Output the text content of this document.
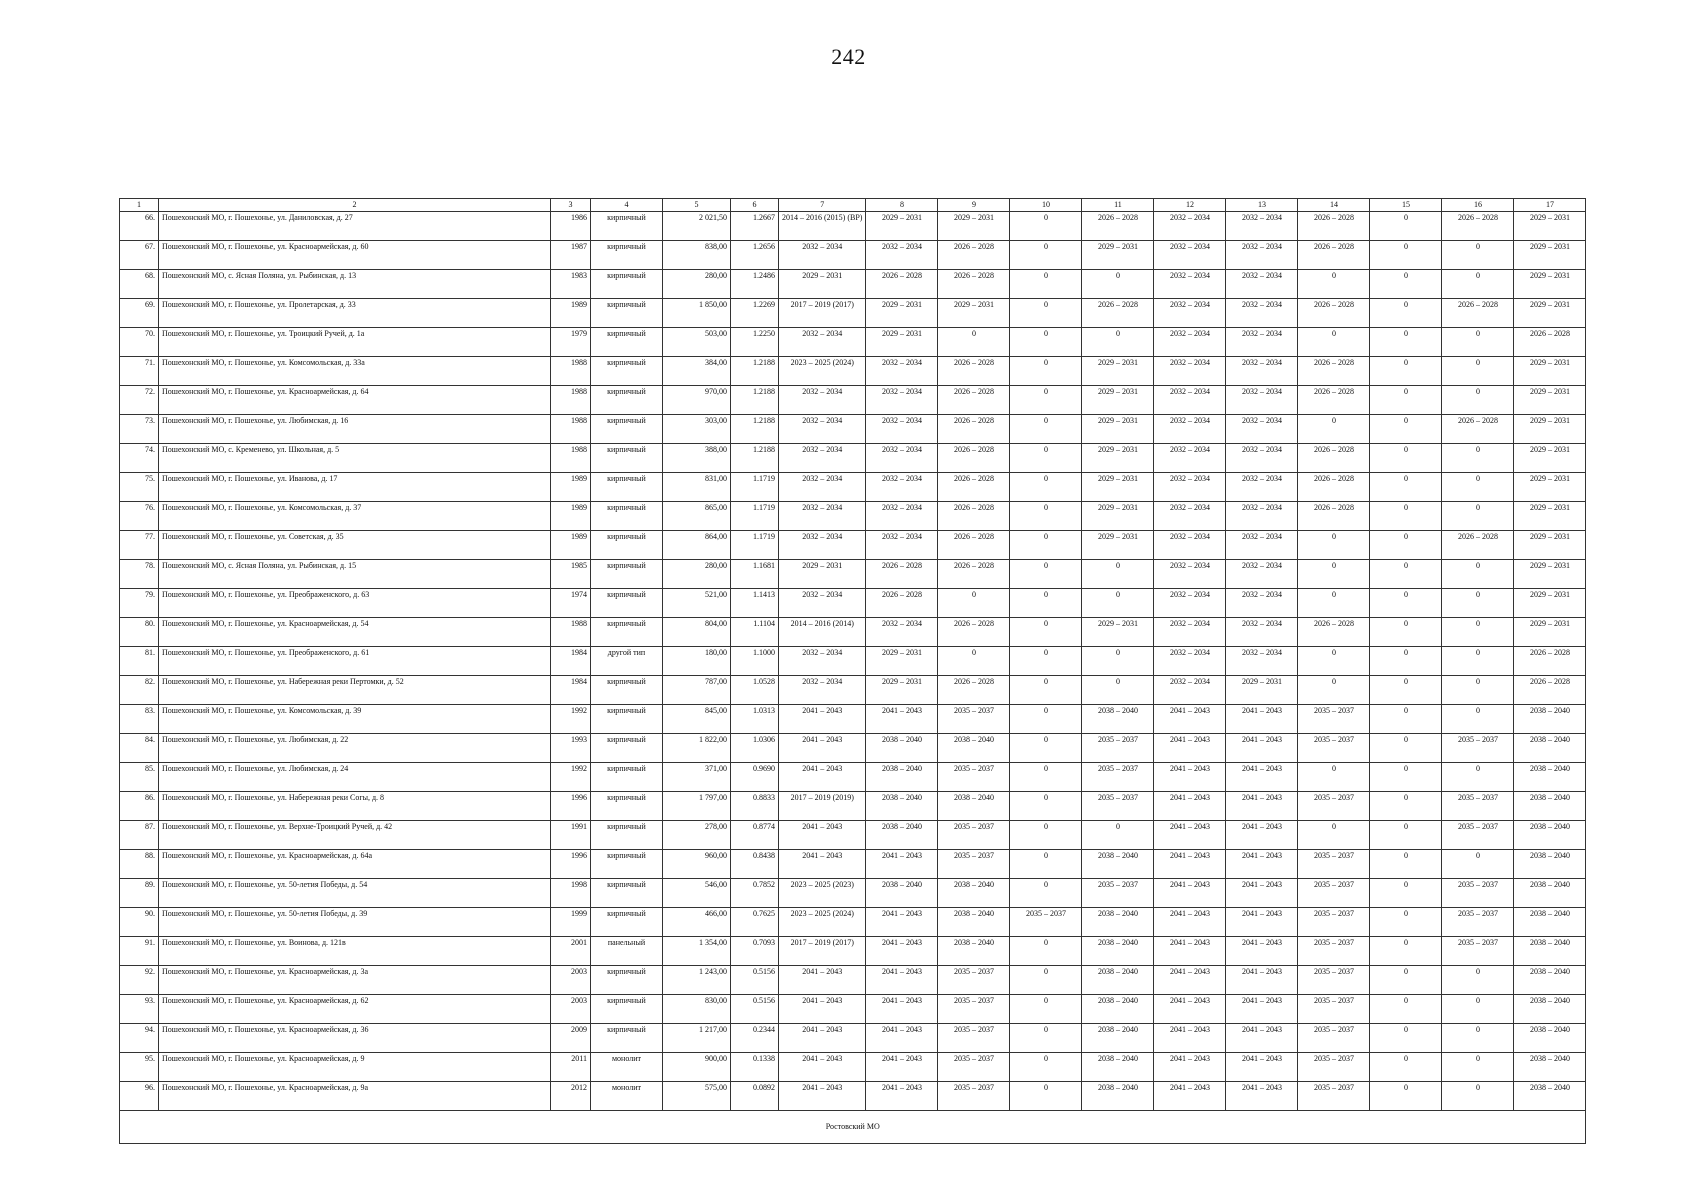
242
1	2	3	4	5	6	7	8	9	10	11	12	13	14	15	16	17
66.	Пошехонский МО, г. Пошехонье, ул. Даниловская, д. 27	1986	кирпичный	2 021,50	1.2667	2014 – 2016 (2015) (ВР)	2029 – 2031	2029 – 2031	0	2026 – 2028	2032 – 2034	2032 – 2034	2026 – 2028	0	2026 – 2028	2029 – 2031
67.	Пошехонский МО, г. Пошехонье, ул. Красноармейская, д. 60	1987	кирпичный	838,00	1.2656	2032 – 2034	2032 – 2034	2026 – 2028	0	2029 – 2031	2032 – 2034	2032 – 2034	2026 – 2028	0	0	2029 – 2031
68.	Пошехонский МО, с. Ясная Поляна, ул. Рыбинская, д. 13	1983	кирпичный	280,00	1.2486	2029 – 2031	2026 – 2028	2026 – 2028	0	0	2032 – 2034	2032 – 2034	0	0	0	2029 – 2031
69.	Пошехонский МО, г. Пошехонье, ул. Пролетарская, д. 33	1989	кирпичный	1 850,00	1.2269	2017 – 2019 (2017)	2029 – 2031	2029 – 2031	0	2026 – 2028	2032 – 2034	2032 – 2034	2026 – 2028	0	2026 – 2028	2029 – 2031
70.	Пошехонский МО, г. Пошехонье, ул. Троицкий Ручей, д. 1а	1979	кирпичный	503,00	1.2250	2032 – 2034	2029 – 2031	0	0	0	2032 – 2034	2032 – 2034	0	0	0	2026 – 2028
71.	Пошехонский МО, г. Пошехонье, ул. Комсомольская, д. 33а	1988	кирпичный	384,00	1.2188	2023 – 2025 (2024)	2032 – 2034	2026 – 2028	0	2029 – 2031	2032 – 2034	2032 – 2034	2026 – 2028	0	0	2029 – 2031
72.	Пошехонский МО, г. Пошехонье, ул. Красноармейская, д. 64	1988	кирпичный	970,00	1.2188	2032 – 2034	2032 – 2034	2026 – 2028	0	2029 – 2031	2032 – 2034	2032 – 2034	2026 – 2028	0	0	2029 – 2031
73.	Пошехонский МО, г. Пошехонье, ул. Любимская, д. 16	1988	кирпичный	303,00	1.2188	2032 – 2034	2032 – 2034	2026 – 2028	0	2029 – 2031	2032 – 2034	2032 – 2034	0	0	2026 – 2028	2029 – 2031
74.	Пошехонский МО, с. Кременево, ул. Школьная, д. 5	1988	кирпичный	388,00	1.2188	2032 – 2034	2032 – 2034	2026 – 2028	0	2029 – 2031	2032 – 2034	2032 – 2034	2026 – 2028	0	0	2029 – 2031
75.	Пошехонский МО, г. Пошехонье, ул. Иванова, д. 17	1989	кирпичный	831,00	1.1719	2032 – 2034	2032 – 2034	2026 – 2028	0	2029 – 2031	2032 – 2034	2032 – 2034	2026 – 2028	0	0	2029 – 2031
76.	Пошехонский МО, г. Пошехонье, ул. Комсомольская, д. 37	1989	кирпичный	865,00	1.1719	2032 – 2034	2032 – 2034	2026 – 2028	0	2029 – 2031	2032 – 2034	2032 – 2034	2026 – 2028	0	0	2029 – 2031
77.	Пошехонский МО, г. Пошехонье, ул. Советская, д. 35	1989	кирпичный	864,00	1.1719	2032 – 2034	2032 – 2034	2026 – 2028	0	2029 – 2031	2032 – 2034	2032 – 2034	0	0	2026 – 2028	2029 – 2031
78.	Пошехонский МО, с. Ясная Поляна, ул. Рыбинская, д. 15	1985	кирпичный	280,00	1.1681	2029 – 2031	2026 – 2028	2026 – 2028	0	0	2032 – 2034	2032 – 2034	0	0	0	2029 – 2031
79.	Пошехонский МО, г. Пошехонье, ул. Преображенского, д. 63	1974	кирпичный	521,00	1.1413	2032 – 2034	2026 – 2028	0	0	0	2032 – 2034	2032 – 2034	0	0	0	2029 – 2031
80.	Пошехонский МО, г. Пошехонье, ул. Красноармейская, д. 54	1988	кирпичный	804,00	1.1104	2014 – 2016 (2014)	2032 – 2034	2026 – 2028	0	2029 – 2031	2032 – 2034	2032 – 2034	2026 – 2028	0	0	2029 – 2031
81.	Пошехонский МО, г. Пошехонье, ул. Преображенского, д. 61	1984	другой тип	180,00	1.1000	2032 – 2034	2029 – 2031	0	0	0	2032 – 2034	2032 – 2034	0	0	0	2026 – 2028
82.	Пошехонский МО, г. Пошехонье, ул. Набережная реки Пертомки, д. 52	1984	кирпичный	787,00	1.0528	2032 – 2034	2029 – 2031	2026 – 2028	0	0	2032 – 2034	2029 – 2031	0	0	0	2026 – 2028
83.	Пошехонский МО, г. Пошехонье, ул. Комсомольская, д. 39	1992	кирпичный	845,00	1.0313	2041 – 2043	2041 – 2043	2035 – 2037	0	2038 – 2040	2041 – 2043	2041 – 2043	2035 – 2037	0	0	2038 – 2040
84.	Пошехонский МО, г. Пошехонье, ул. Любимская, д. 22	1993	кирпичный	1 822,00	1.0306	2041 – 2043	2038 – 2040	2038 – 2040	0	2035 – 2037	2041 – 2043	2041 – 2043	2035 – 2037	0	2035 – 2037	2038 – 2040
85.	Пошехонский МО, г. Пошехонье, ул. Любимская, д. 24	1992	кирпичный	371,00	0.9690	2041 – 2043	2038 – 2040	2035 – 2037	0	2035 – 2037	2041 – 2043	2041 – 2043	0	0	0	2038 – 2040
86.	Пошехонский МО, г. Пошехонье, ул. Набережная реки Согы, д. 8	1996	кирпичный	1 797,00	0.8833	2017 – 2019 (2019)	2038 – 2040	2038 – 2040	0	2035 – 2037	2041 – 2043	2041 – 2043	2035 – 2037	0	2035 – 2037	2038 – 2040
87.	Пошехонский МО, г. Пошехонье, ул. Верхне-Троицкий Ручей, д. 42	1991	кирпичный	278,00	0.8774	2041 – 2043	2038 – 2040	2035 – 2037	0	0	2041 – 2043	2041 – 2043	0	0	2035 – 2037	2038 – 2040
88.	Пошехонский МО, г. Пошехонье, ул. Красноармейская, д. 64а	1996	кирпичный	960,00	0.8438	2041 – 2043	2041 – 2043	2035 – 2037	0	2038 – 2040	2041 – 2043	2041 – 2043	2035 – 2037	0	0	2038 – 2040
89.	Пошехонский МО, г. Пошехонье, ул. 50-летия Победы, д. 54	1998	кирпичный	546,00	0.7852	2023 – 2025 (2023)	2038 – 2040	2038 – 2040	0	2035 – 2037	2041 – 2043	2041 – 2043	2035 – 2037	0	2035 – 2037	2038 – 2040
90.	Пошехонский МО, г. Пошехонье, ул. 50-летия Победы, д. 39	1999	кирпичный	466,00	0.7625	2023 – 2025 (2024)	2041 – 2043	2038 – 2040	2035 – 2037	2038 – 2040	2041 – 2043	2041 – 2043	2035 – 2037	0	2035 – 2037	2038 – 2040
91.	Пошехонский МО, г. Пошехонье, ул. Воинова, д. 121в	2001	панельный	1 354,00	0.7093	2017 – 2019 (2017)	2041 – 2043	2038 – 2040	0	2038 – 2040	2041 – 2043	2041 – 2043	2035 – 2037	0	2035 – 2037	2038 – 2040
92.	Пошехонский МО, г. Пошехонье, ул. Красноармейская, д. 3а	2003	кирпичный	1 243,00	0.5156	2041 – 2043	2041 – 2043	2035 – 2037	0	2038 – 2040	2041 – 2043	2041 – 2043	2035 – 2037	0	0	2038 – 2040
93.	Пошехонский МО, г. Пошехонье, ул. Красноармейская, д. 62	2003	кирпичный	830,00	0.5156	2041 – 2043	2041 – 2043	2035 – 2037	0	2038 – 2040	2041 – 2043	2041 – 2043	2035 – 2037	0	0	2038 – 2040
94.	Пошехонский МО, г. Пошехонье, ул. Красноармейская, д. 36	2009	кирпичный	1 217,00	0.2344	2041 – 2043	2041 – 2043	2035 – 2037	0	2038 – 2040	2041 – 2043	2041 – 2043	2035 – 2037	0	0	2038 – 2040
95.	Пошехонский МО, г. Пошехонье, ул. Красноармейская, д. 9	2011	монолит	900,00	0.1338	2041 – 2043	2041 – 2043	2035 – 2037	0	2038 – 2040	2041 – 2043	2041 – 2043	2035 – 2037	0	0	2038 – 2040
96.	Пошехонский МО, г. Пошехонье, ул. Красноармейская, д. 9а	2012	монолит	575,00	0.0892	2041 – 2043	2041 – 2043	2035 – 2037	0	2038 – 2040	2041 – 2043	2041 – 2043	2035 – 2037	0	0	2038 – 2040
Ростовский МО																
